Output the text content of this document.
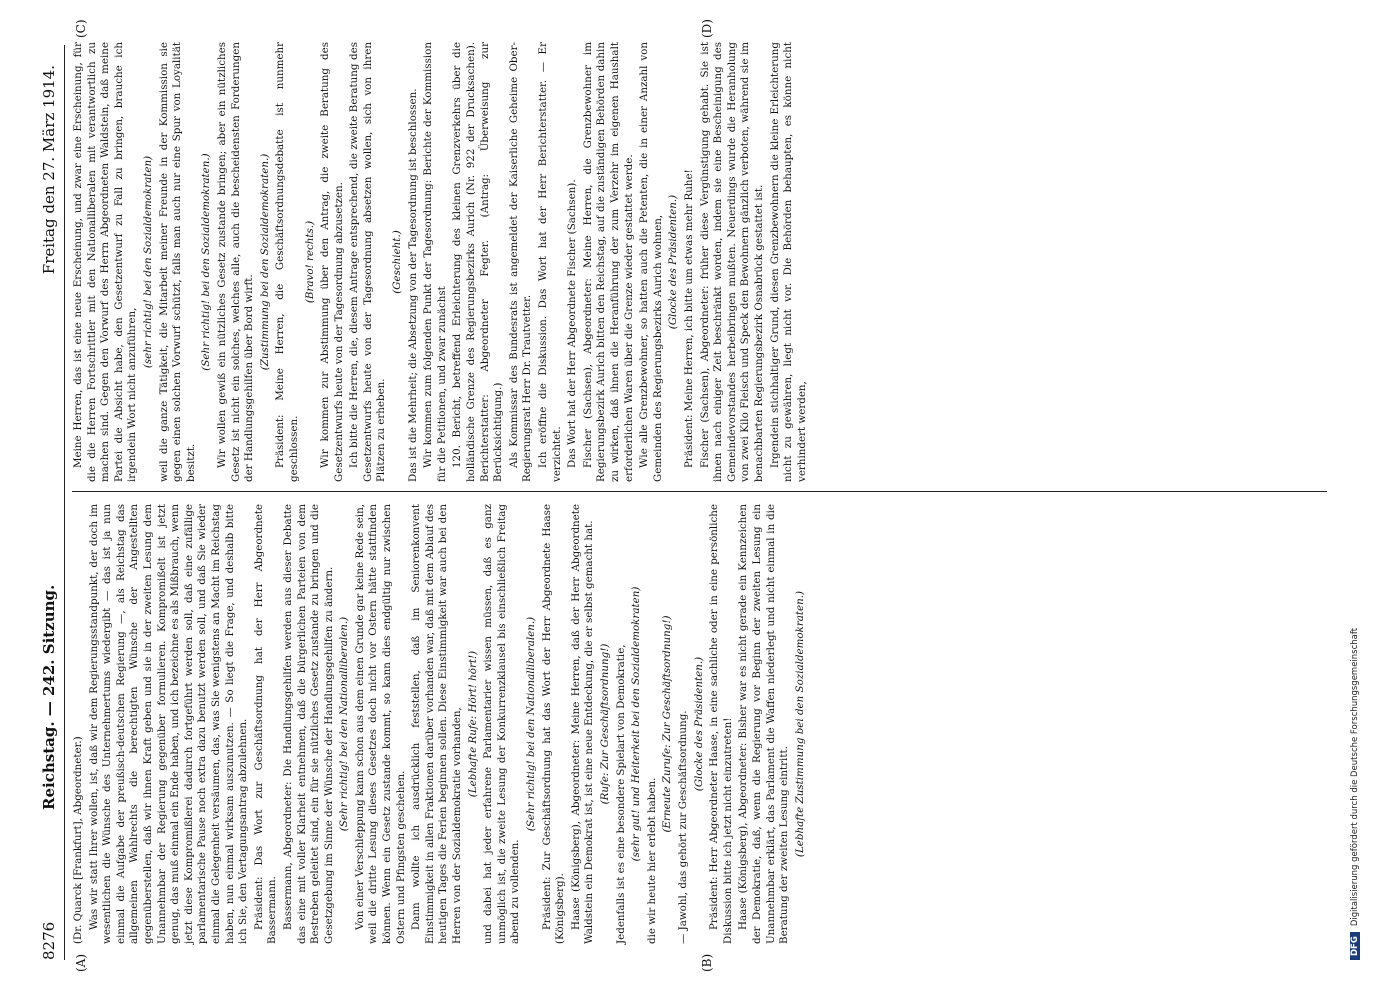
8276
Reichstag. — 242. Sitzung.
Freitag den 27. März 1914.
(A)	(B)
(C)	(D)

(Dr. Quarck [Frankfurt], Abgeordneter.) Was wir statt Ihrer wollen, ist, daß wir dem Regierungsstandpunkt, der doch im wesentlichen die Wünsche des Unternehmertums wiedergibt — das ist ja nun einmal die Aufgabe der preußisch-deutschen Regierung —, als Reichstag das allgemeinen Wahlrechts die berechtigten Wünsche der Angestellten gegenüberstellen, daß wir ihnen Kraft geben und sie in der zweiten Lesung dem Unannehmbar der Regierung gegenüber formulieren. Kompromißelt ist jetzt genug, das muß einmal ein Ende haben, und ich bezeichne es als Mißbrauch, wenn jetzt diese Kompromißlerei dadurch fortgeführt werden soll, daß eine zufällige parlamentarische Pause noch extra dazu benutzt werden soll, und daß Sie wieder einmal die Gelegenheit versäumen, das, was Sie wenigstens an Macht im Reichstag haben, nun einmal wirksam auszunutzen. — So liegt die Frage, und deshalb bitte ich Sie, den Vertagungsantrag abzulehnen. Präsident: Das Wort zur Geschäftsordnung hat der Herr Abgeordnete Bassermann. Bassermann, Abgeordneter: Die Handlungsgehilfen werden aus dieser Debatte das eine mit voller Klarheit entnehmen, daß die bürgerlichen Parteien von dem Bestreben geleitet sind, ein für sie nützliches Gesetz zustande zu bringen und die Gesetzgebung im Sinne der Wünsche der Handlungsgehilfen zu ändern. (Sehr richtig! bei den Nationalliberalen.) Von einer Verschleppung kann schon aus dem einen Grunde gar keine Rede sein, weil die dritte Lesung dieses Gesetzes doch nicht vor Ostern hätte stattfinden können. Wenn ein Gesetz zustande kommt, so kann dies endgültig nur zwischen Ostern und Pfingsten geschehen. Dann wollte ich ausdrücklich feststellen, daß im Seniorenkonvent Einstimmigkeit in allen Fraktionen darüber vorhanden war, daß mit dem Ablauf des heutigen Tages die Ferien beginnen sollen. Diese Einstimmigkeit war auch bei den Herren von der Sozialdemokratie vorhanden, (Lebhafte Rufe: Hört! hört!) und dabei hat jeder erfahrene Parlamentarier wissen müssen, daß es ganz unmöglich ist, die zweite Lesung der Konkurrenzklausel bis einschließlich Freitag abend zu vollenden.

(Sehr richtig! bei den Nationalliberalen.) Präsident: Zur Geschäftsordnung hat das Wort der Herr Abgeordnete Haase (Königsberg). Haase (Königsberg), Abgeordneter: Meine Herren, daß der Herr Abgeordnete Waldstein ein Demokrat ist, ist eine neue Entdeckung, die er selbst gemacht hat. (Rufe: Zur Geschäftsordnung!) Jedenfalls ist es eine besondere Spielart von Demokratie, (sehr gut! und Heiterkeit bei den Sozialdemokraten) die wir heute hier erlebt haben.

(Erneute Zurufe: Zur Geschäftsordnung!) — Jawohl, das gehört zur Geschäftsordnung. (Glocke des Präsidenten.) Präsident: Herr Abgeordneter Haase, in eine sachliche oder in eine persönliche Diskussion bitte ich jetzt nicht einzutreten! Haase (Königsberg), Abgeordneter: Bisher war es nicht gerade ein Kennzeichen der Demokratie, daß, wenn die Regierung vor Beginn der zweiten Lesung ein Unannehmbar erklärt, das Parlament die Waffen niederlegt und nicht einmal in die Beratung der zweiten Lesung eintritt. (Lebhafte Zustimmung bei den Sozialdemokraten.)

Meine Herren, das ist eine neue Erscheinung, und zwar eine Erscheinung, für die die Herren Fortschrittler mit den Nationalliberalen mit verantwortlich zu machen sind. Gegen den Vorwurf des Herrn Abgeordneten Waldstein, daß meine Partei die Absicht habe, den Gesetzentwurf zu Fall zu bringen, brauche ich irgendein Wort nicht anzuführen,

(sehr richtig! bei den Sozialdemokraten) weil die ganze Tätigkeit, die Mitarbeit meiner Freunde in der Kommission sie gegen einen solchen Vorwurf schützt, falls man auch nur eine Spur von Loyalität besitzt.

(Sehr richtig! bei den Sozialdemokraten.) Wir wollen gewiß ein nützliches Gesetz zustande bringen; aber ein nützliches Gesetz ist nicht ein solches, welches alle, auch die bescheidensten Forderungen der Handlungsgehilfen über Bord wirft.

(Zustimmung bei den Sozialdemokraten.) Präsident: Meine Herren, die Geschäftsordnungsdebatte ist nunmehr geschlossen.

(Bravo! rechts.) Wir kommen zur Abstimmung über den Antrag, die zweite Beratung des Gesetzentwurfs heute von der Tagesordnung abzusetzen. Ich bitte die Herren, die, diesem Antrage entsprechend, die zweite Beratung des Gesetzentwurfs heute von der Tagesordnung absetzen wollen, sich von ihren Plätzen zu erheben.

(Geschieht.) Das ist die Mehrheit; die Absetzung von der Tagesordnung ist beschlossen. Wir kommen zum folgenden Punkt der Tagesordnung: Berichte der Kommission für die Petitionen, und zwar zunächst 120. Bericht, betreffend Erleichterung des kleinen Grenzverkehrs über die holländische Grenze des Regierungsbezirks Aurich (Nr. 922 der Drucksachen). Berichterstatter: Abgeordneter Fegter. (Antrag: Überweisung zur Berücksichtigung.) Als Kommissar des Bundesrats ist angemeldet der Kaiserliche Geheime Ober-Regierungsrat Herr Dr. Trautvetter. Ich eröffne die Diskussion. Das Wort hat der Herr Berichterstatter. — Er verzichtet. Das Wort hat der Herr Abgeordnete Fischer (Sachsen). Fischer (Sachsen), Abgeordneter: Meine Herren, die Grenzbewohner im Regierungsbezirk Aurich bitten den Reichstag, auf die zuständigen Behörden dahin zu wirken, daß ihnen die Heranführung der zum Verzehr im eigenen Haushalt erforderlichen Waren über die Grenze wieder gestattet werde. Wie alle Grenzbewohner, so hatten auch die Petenten, die in einer Anzahl von Gemeinden des Regierungsbezirks Aurich wohnen, (Glocke des Präsidenten.) Präsident: Meine Herren, ich bitte um etwas mehr Ruhe! Fischer (Sachsen), Abgeordneter: früher diese Vergünstigung gehabt. Sie ist ihnen nach einiger Zeit beschränkt worden, indem sie eine Bescheinigung des Gemeindevorstandes herbeibringen mußten. Neuerdings wurde die Heranholung von zwei Kilo Fleisch und Speck den Bewohnern gänzlich verboten, während sie im benachbarten Regierungsbezirk Osnabrück gestattet ist. Irgendein stichhaltiger Grund, diesen Grenzbewohnern die kleine Erleichterung nicht zu gewähren, liegt nicht vor. Die Behörden behaupten, es könne nicht verhindert werden,

DFGDigitalisierung gefördert durch die Deutsche Forschungsgemeinschaft
